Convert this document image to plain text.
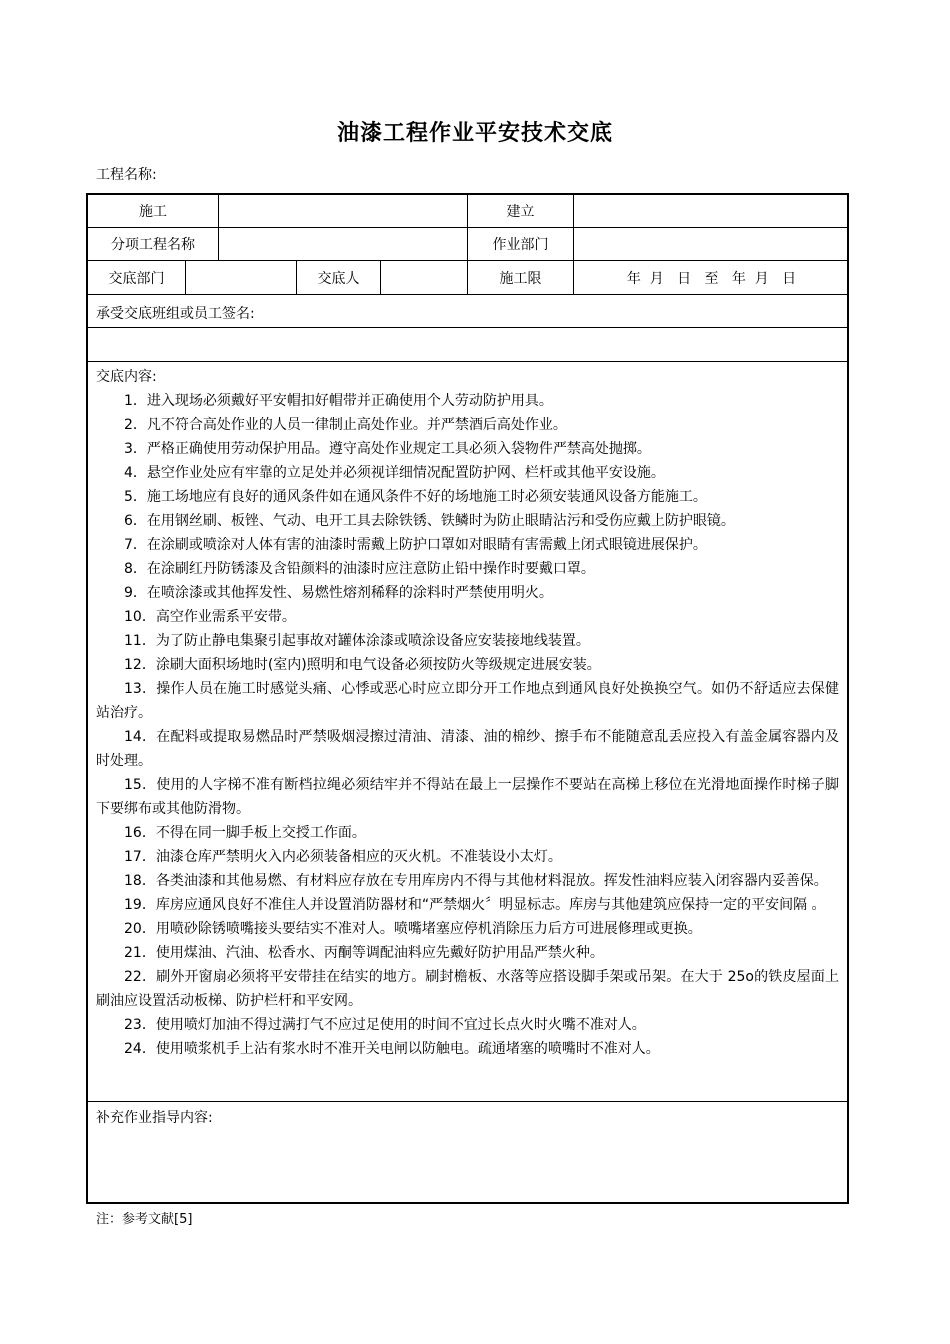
油漆工程作业平安技术交底
工程名称:
施工	建立
分项工程名称	作业部门
交底部门	交底人	施工限	年  月   日   至   年  月   日
承受交底班组或员工签名:
交底内容:

1．进入现场必须戴好平安帽扣好帽带并正确使用个人劳动防护用具。

2．凡不符合高处作业的人员一律制止高处作业。并严禁酒后高处作业。

3．严格正确使用劳动保护用品。遵守高处作业规定工具必须入袋物件严禁高处抛掷。

4．悬空作业处应有牢靠的立足处并必须视详细情况配置防护网、栏杆或其他平安设施。

5．施工场地应有良好的通风条件如在通风条件不好的场地施工时必须安装通风设备方能施工。

6．在用钢丝刷、板锉、气动、电开工具去除铁锈、铁鳞时为防止眼睛沾污和受伤应戴上防护眼镜。

7．在涂刷或喷涂对人体有害的油漆时需戴上防护口罩如对眼睛有害需戴上闭式眼镜进展保护。

8．在涂刷红丹防锈漆及含铅颜料的油漆时应注意防止铅中操作时要戴口罩。

9．在喷涂漆或其他挥发性、易燃性熔剂稀释的涂料时严禁使用明火。

10．高空作业需系平安带。

11．为了防止静电集聚引起事故对罐体涂漆或喷涂设备应安装接地线装置。

12．涂刷大面积场地时(室内)照明和电气设备必须按防火等级规定进展安装。

13．操作人员在施工时感觉头痛、心悸或恶心时应立即分开工作地点到通风良好处换换空气。如仍不舒适应去保健站治疗。

14．在配料或提取易燃品时严禁吸烟浸擦过清油、清漆、油的棉纱、擦手布不能随意乱丢应投入有盖金属容器内及时处理。

15．使用的人字梯不准有断档拉绳必须结牢并不得站在最上一层操作不要站在高梯上移位在光滑地面操作时梯子脚下要绑布或其他防滑物。

16．不得在同一脚手板上交授工作面。

17．油漆仓库严禁明火入内必须装备相应的灭火机。不准装设小太灯。

18．各类油漆和其他易燃、有材料应存放在专用库房内不得与其他材料混放。挥发性油料应装入闭容器内妥善保。

19．库房应通风良好不准住人并设置消防器材和“严禁烟火〞明显标志。库房与其他建筑应保持一定的平安间隔 。

20．用喷砂除锈喷嘴接头要结实不准对人。喷嘴堵塞应停机消除压力后方可进展修理或更换。

21．使用煤油、汽油、松香水、丙酮等调配油料应先戴好防护用品严禁火种。

22．刷外开窗扇必须将平安带挂在结实的地方。刷封檐板、水落等应搭设脚手架或吊架。在大于 25o的铁皮屋面上刷油应设置活动板梯、防护栏杆和平安网。

23．使用喷灯加油不得过满打气不应过足使用的时间不宜过长点火时火嘴不准对人。

24．使用喷浆机手上沾有浆水时不准开关电闸以防触电。疏通堵塞的喷嘴时不准对人。

补充作业指导内容:
注：参考文献[5]
